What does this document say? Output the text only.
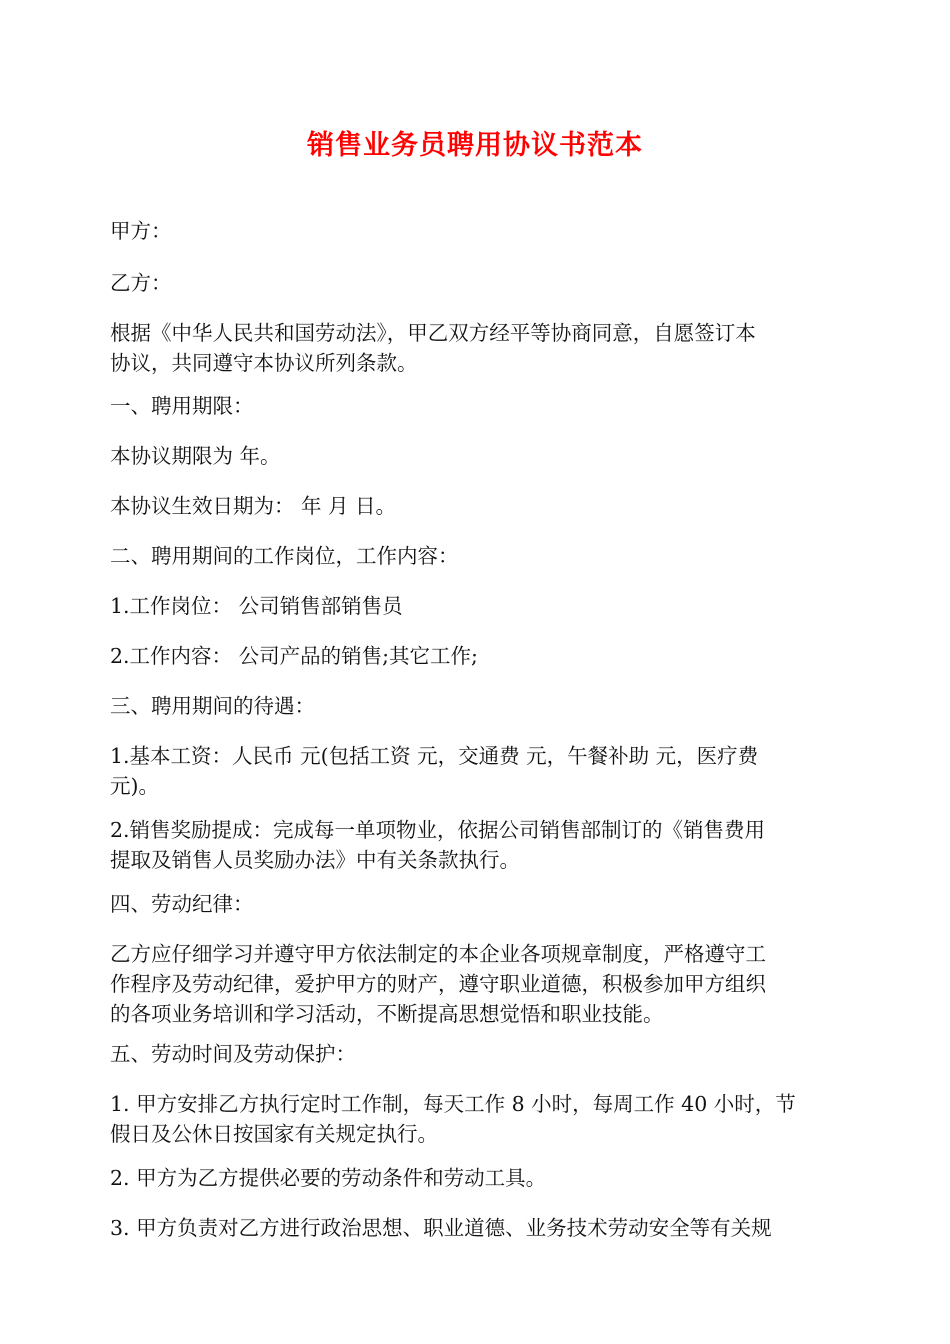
销售业务员聘用协议书范本
甲方：
乙方：
根据《中华人民共和国劳动法》，甲乙双方经平等协商同意，自愿签订本
协议，共同遵守本协议所列条款。
一、聘用期限：
本协议期限为 年。
本协议生效日期为： 年 月 日。
二、聘用期间的工作岗位，工作内容：
1.工作岗位： 公司销售部销售员
2.工作内容： 公司产品的销售;其它工作;
三、聘用期间的待遇：
1.基本工资：人民币 元(包括工资 元，交通费 元，午餐补助 元，医疗费
元)。
2.销售奖励提成：完成每一单项物业，依据公司销售部制订的《销售费用
提取及销售人员奖励办法》中有关条款执行。
四、劳动纪律：
乙方应仔细学习并遵守甲方依法制定的本企业各项规章制度，严格遵守工
作程序及劳动纪律，爱护甲方的财产，遵守职业道德，积极参加甲方组织
的各项业务培训和学习活动，不断提高思想觉悟和职业技能。
五、劳动时间及劳动保护：
1. 甲方安排乙方执行定时工作制，每天工作 8 小时，每周工作 40 小时，节
假日及公休日按国家有关规定执行。
2. 甲方为乙方提供必要的劳动条件和劳动工具。
3. 甲方负责对乙方进行政治思想、职业道德、业务技术劳动安全等有关规
